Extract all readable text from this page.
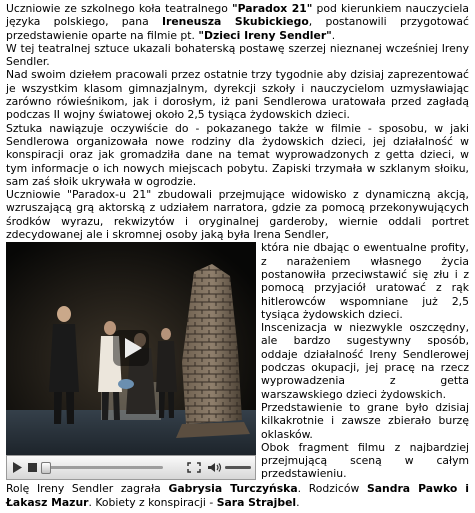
Uczniowie ze szkolnego koła teatralnego "Paradox 21" pod kierunkiem nauczyciela języka polskiego, pana Ireneusza Skubickiego, postanowili przygotować przedstawienie oparte na filmie pt. "Dzieci Ireny Sendler".

W tej teatralnej sztuce ukazali bohaterską postawę szerzej nieznanej wcześniej Ireny Sendler.

Nad swoim dziełem pracowali przez ostatnie trzy tygodnie aby dzisiaj zaprezentować je wszystkim klasom gimnazjalnym, dyrekcji szkoły i nauczycielom uzmysławiając zarówno rówieśnikom, jak i dorosłym, iż pani Sendlerowa uratowała przed zagładą podczas II wojny światowej około 2,5 tysiąca żydowskich dzieci.

Sztuka nawiązuje oczywiście do - pokazanego także w filmie - sposobu, w jaki Sendlerowa organizowała nowe rodziny dla żydowskich dzieci, jej działalność w konspiracji oraz jak gromadziła dane na temat wyprowadzonych z getta dzieci, w tym informacje o ich nowych miejscach pobytu. Zapiski trzymała w szklanym słoiku, sam zaś słoik ukrywała w ogrodzie.

Uczniowie "Paradox-u 21" zbudowali przejmujące widowisko z dynamiczną akcją, wzruszającą grą aktorską z udziałem narratora, gdzie za pomocą przekonywujących środków wyrazu, rekwizytów i oryginalnej garderoby, wiernie oddali portret zdecydowanej ale i skromnej osoby jaką była Irena Sendler,

która nie dbając o ewentualne profity, z narażeniem własnego życia postanowiła przeciwstawić się złu i z pomocą przyjaciół uratować z rąk hitlerowców wspomniane już 2,5 tysiąca żydowskich dzieci.

Inscenizacja w niezwykle oszczędny, ale bardzo sugestywny sposób, oddaje działalność Ireny Sendlerowej podczas okupacji, jej pracę na rzecz wyprowadzenia z getta warszawskiego dzieci żydowskich.

Przedstawienie to grane było dzisiaj kilkakrotnie i zawsze zbierało burzę oklasków.

Obok fragment filmu z najbardziej przejmującą sceną w całym przedstawieniu.

Rolę Ireny Sendler zagrała Gabrysia Turczyńska. Rodziców Sandra Pawko i Łakasz Mazur. Kobiety z konspiracji - Sara Strajbel.
